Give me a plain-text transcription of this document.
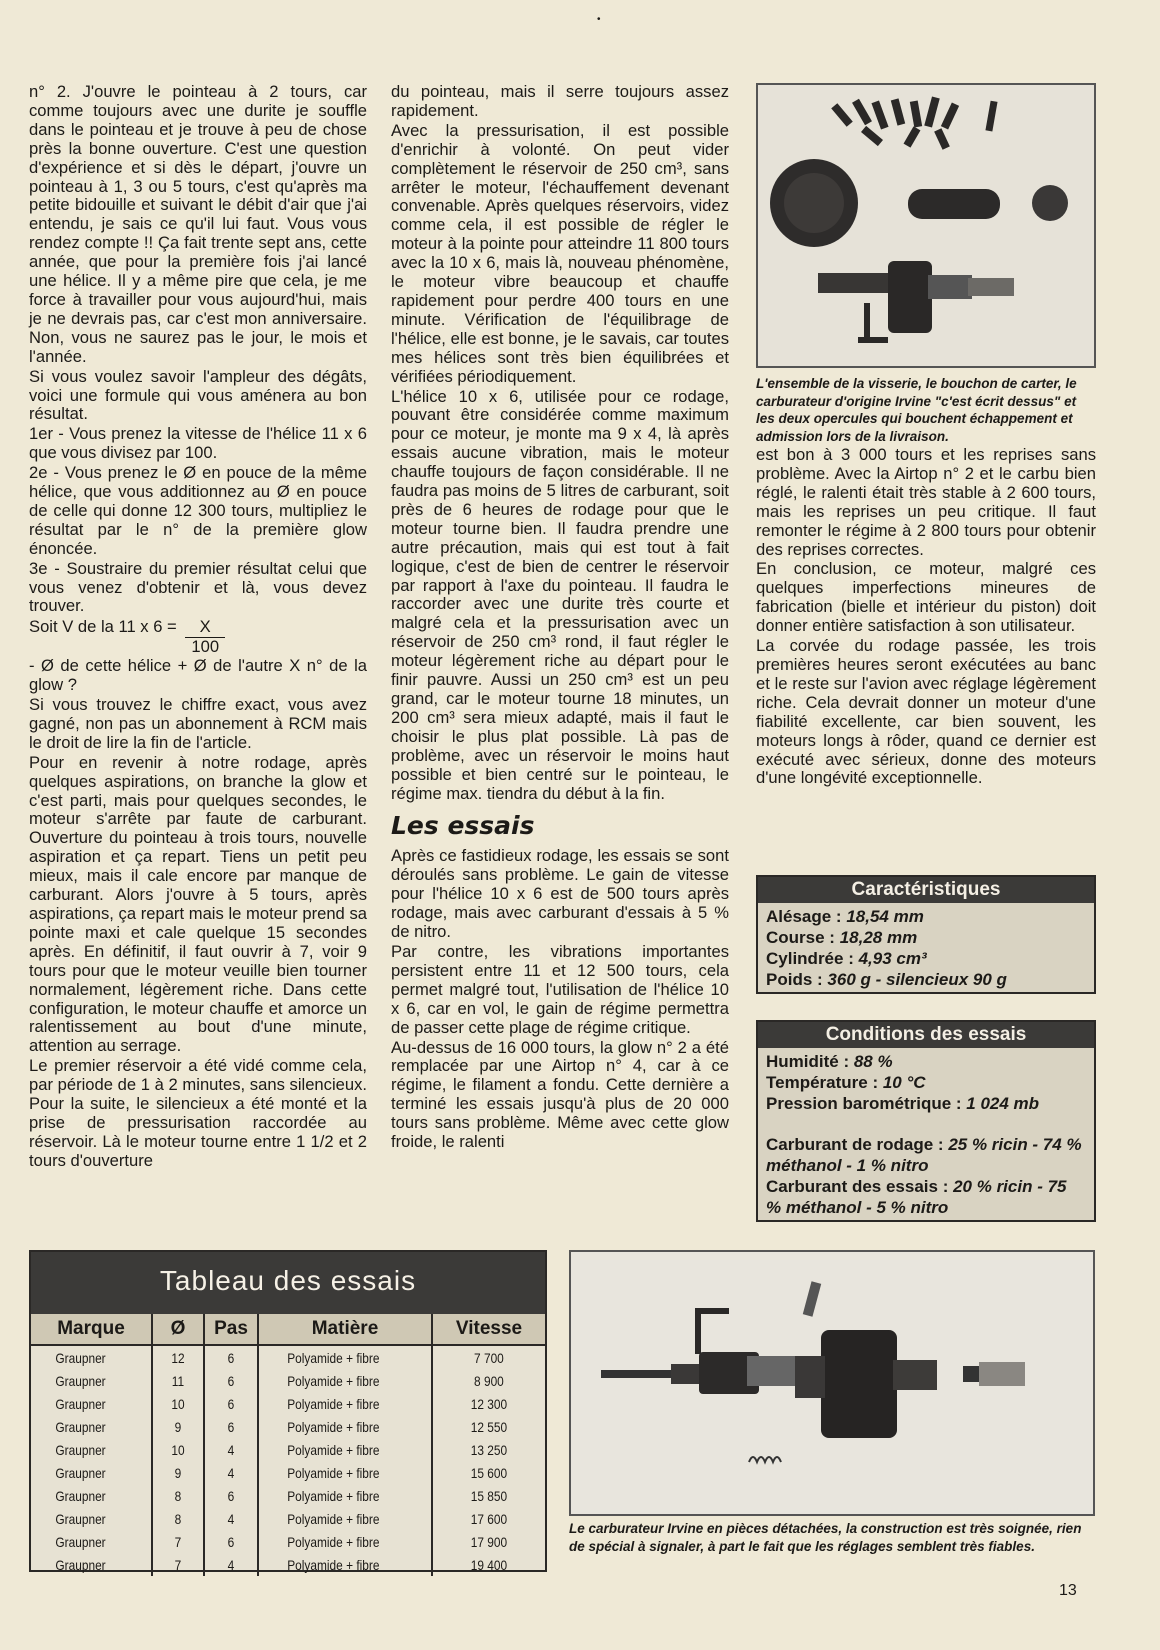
•

n° 2. J'ouvre le pointeau à 2 tours, car comme toujours avec une durite je souffle dans le pointeau et je trouve à peu de chose près la bonne ouverture. C'est une question d'expérience et si dès le départ, j'ouvre un pointeau à 1, 3 ou 5 tours, c'est qu'après ma petite bidouille et suivant le débit d'air que j'ai entendu, je sais ce qu'il lui faut. Vous vous rendez compte !! Ça fait trente sept ans, cette année, que pour la première fois j'ai lancé une hélice. Il y a même pire que cela, je me force à travailler pour vous aujourd'hui, mais je ne devrais pas, car c'est mon anniversaire. Non, vous ne saurez pas le jour, le mois et l'année.

Si vous voulez savoir l'ampleur des dégâts, voici une formule qui vous aménera au bon résultat.

1er - Vous prenez la vitesse de l'hélice 11 x 6 que vous divisez par 100.

2e - Vous prenez le Ø en pouce de la même hélice, que vous additionnez au Ø en pouce de celle qui donne 12 300 tours, multipliez le résultat par le n° de la première glow énoncée.

3e - Soustraire du premier résultat celui que vous venez d'obtenir et là, vous devez trouver.

Soit V de la 11 x $6 = \frac{X}{100}$

- Ø de cette hélice + Ø de l'autre X n° de la glow ?

Si vous trouvez le chiffre exact, vous avez gagné, non pas un abonnement à RCM mais le droit de lire la fin de l'article.

Pour en revenir à notre rodage, après quelques aspirations, on branche la glow et c'est parti, mais pour quelques secondes, le moteur s'arrête par faute de carburant. Ouverture du pointeau à trois tours, nouvelle aspiration et ça repart. Tiens un petit peu mieux, mais il cale encore par manque de carburant. Alors j'ouvre à 5 tours, après aspirations, ça repart mais le moteur prend sa pointe maxi et cale quelque 15 secondes après. En définitif, il faut ouvrir à 7, voir 9 tours pour que le moteur veuille bien tourner normalement, légèrement riche. Dans cette configuration, le moteur chauffe et amorce un ralentissement au bout d'une minute, attention au serrage.

Le premier réservoir a été vidé comme cela, par période de 1 à 2 minutes, sans silencieux. Pour la suite, le silencieux a été monté et la prise de pressurisation raccordée au réservoir. Là le moteur tourne entre 1 1/2 et 2 tours d'ouverture

du pointeau, mais il serre toujours assez rapidement.

Avec la pressurisation, il est possible d'enrichir à volonté. On peut vider complètement le réservoir de 250 cm³, sans arrêter le moteur, l'échauffement devenant convenable. Après quelques réservoirs, videz comme cela, il est possible de régler le moteur à la pointe pour atteindre 11 800 tours avec la 10 x 6, mais là, nouveau phénomène, le moteur vibre beaucoup et chauffe rapidement pour perdre 400 tours en une minute. Vérification de l'équilibrage de l'hélice, elle est bonne, je le savais, car toutes mes hélices sont très bien équilibrées et vérifiées périodiquement.

L'hélice 10 x 6, utilisée pour ce rodage, pouvant être considérée comme maximum pour ce moteur, je monte ma 9 x 4, là après essais aucune vibration, mais le moteur chauffe toujours de façon considérable. Il ne faudra pas moins de 5 litres de carburant, soit près de 6 heures de rodage pour que le moteur tourne bien. Il faudra prendre une autre précaution, mais qui est tout à fait logique, c'est de bien de centrer le réservoir par rapport à l'axe du pointeau. Il faudra le raccorder avec une durite très courte et malgré cela et la pressurisation avec un réservoir de 250 cm³ rond, il faut régler le moteur légèrement riche au départ pour le finir pauvre. Aussi un 250 cm³ est un peu grand, car le moteur tourne 18 minutes, un 200 cm³ sera mieux adapté, mais il faut le choisir le plus plat possible. Là pas de problème, avec un réservoir le moins haut possible et bien centré sur le pointeau, le régime max. tiendra du début à la fin.

Les essais

Après ce fastidieux rodage, les essais se sont déroulés sans problème. Le gain de vitesse pour l'hélice 10 x 6 est de 500 tours après rodage, mais avec carburant d'essais à 5 % de nitro.

Par contre, les vibrations importantes persistent entre 11 et 12 500 tours, cela permet malgré tout, l'utilisation de l'hélice 10 x 6, car en vol, le gain de régime permettra de passer cette plage de régime critique.

Au-dessus de 16 000 tours, la glow n° 2 a été remplacée par une Airtop n° 4, car à ce régime, le filament a fondu. Cette dernière a terminé les essais jusqu'à plus de 20 000 tours sans problème. Même avec cette glow froide, le ralenti

L'ensemble de la visserie, le bouchon de carter, le carburateur d'origine Irvine "c'est écrit dessus" et les deux opercules qui bouchent échappement et admission lors de la livraison.

est bon à 3 000 tours et les reprises sans problème. Avec la Airtop n° 2 et le carbu bien réglé, le ralenti était très stable à 2 600 tours, mais les reprises un peu critique. Il faut remonter le régime à 2 800 tours pour obtenir des reprises correctes.

En conclusion, ce moteur, malgré ces quelques imperfections mineures de fabrication (bielle et intérieur du piston) doit donner entière satisfaction à son utilisateur.

La corvée du rodage passée, les trois premières heures seront exécutées au banc et le reste sur l'avion avec réglage légèrement riche. Cela devrait donner un moteur d'une fiabilité excellente, car bien souvent, les moteurs longs à rôder, quand ce dernier est exécuté avec sérieux, donne des moteurs d'une longévité exceptionnelle.

Caractéristiques
Alésage : 18,54 mm
Course : 18,28 mm
Cylindrée : 4,93 cm³
Poids : 360 g - silencieux 90 g
Conditions des essais
Humidité : 88 %
Température : 10 °C
Pression barométrique : 1 024 mb
Carburant de rodage : 25 % ricin - 74 % méthanol - 1 % nitro
Carburant des essais : 20 % ricin - 75 % méthanol - 5 % nitro
Tableau des essais
Marque	Ø	Pas	Matière	Vitesse
Graupner	12	6	Polyamide + fibre	7 700
Graupner	11	6	Polyamide + fibre	8 900
Graupner	10	6	Polyamide + fibre	12 300
Graupner	9	6	Polyamide + fibre	12 550
Graupner	10	4	Polyamide + fibre	13 250
Graupner	9	4	Polyamide + fibre	15 600
Graupner	8	6	Polyamide + fibre	15 850
Graupner	8	4	Polyamide + fibre	17 600
Graupner	7	6	Polyamide + fibre	17 900
Graupner	7	4	Polyamide + fibre	19 400
Le carburateur Irvine en pièces détachées, la construction est très soignée, rien de spécial à signaler, à part le fait que les réglages semblent très fiables.
13
